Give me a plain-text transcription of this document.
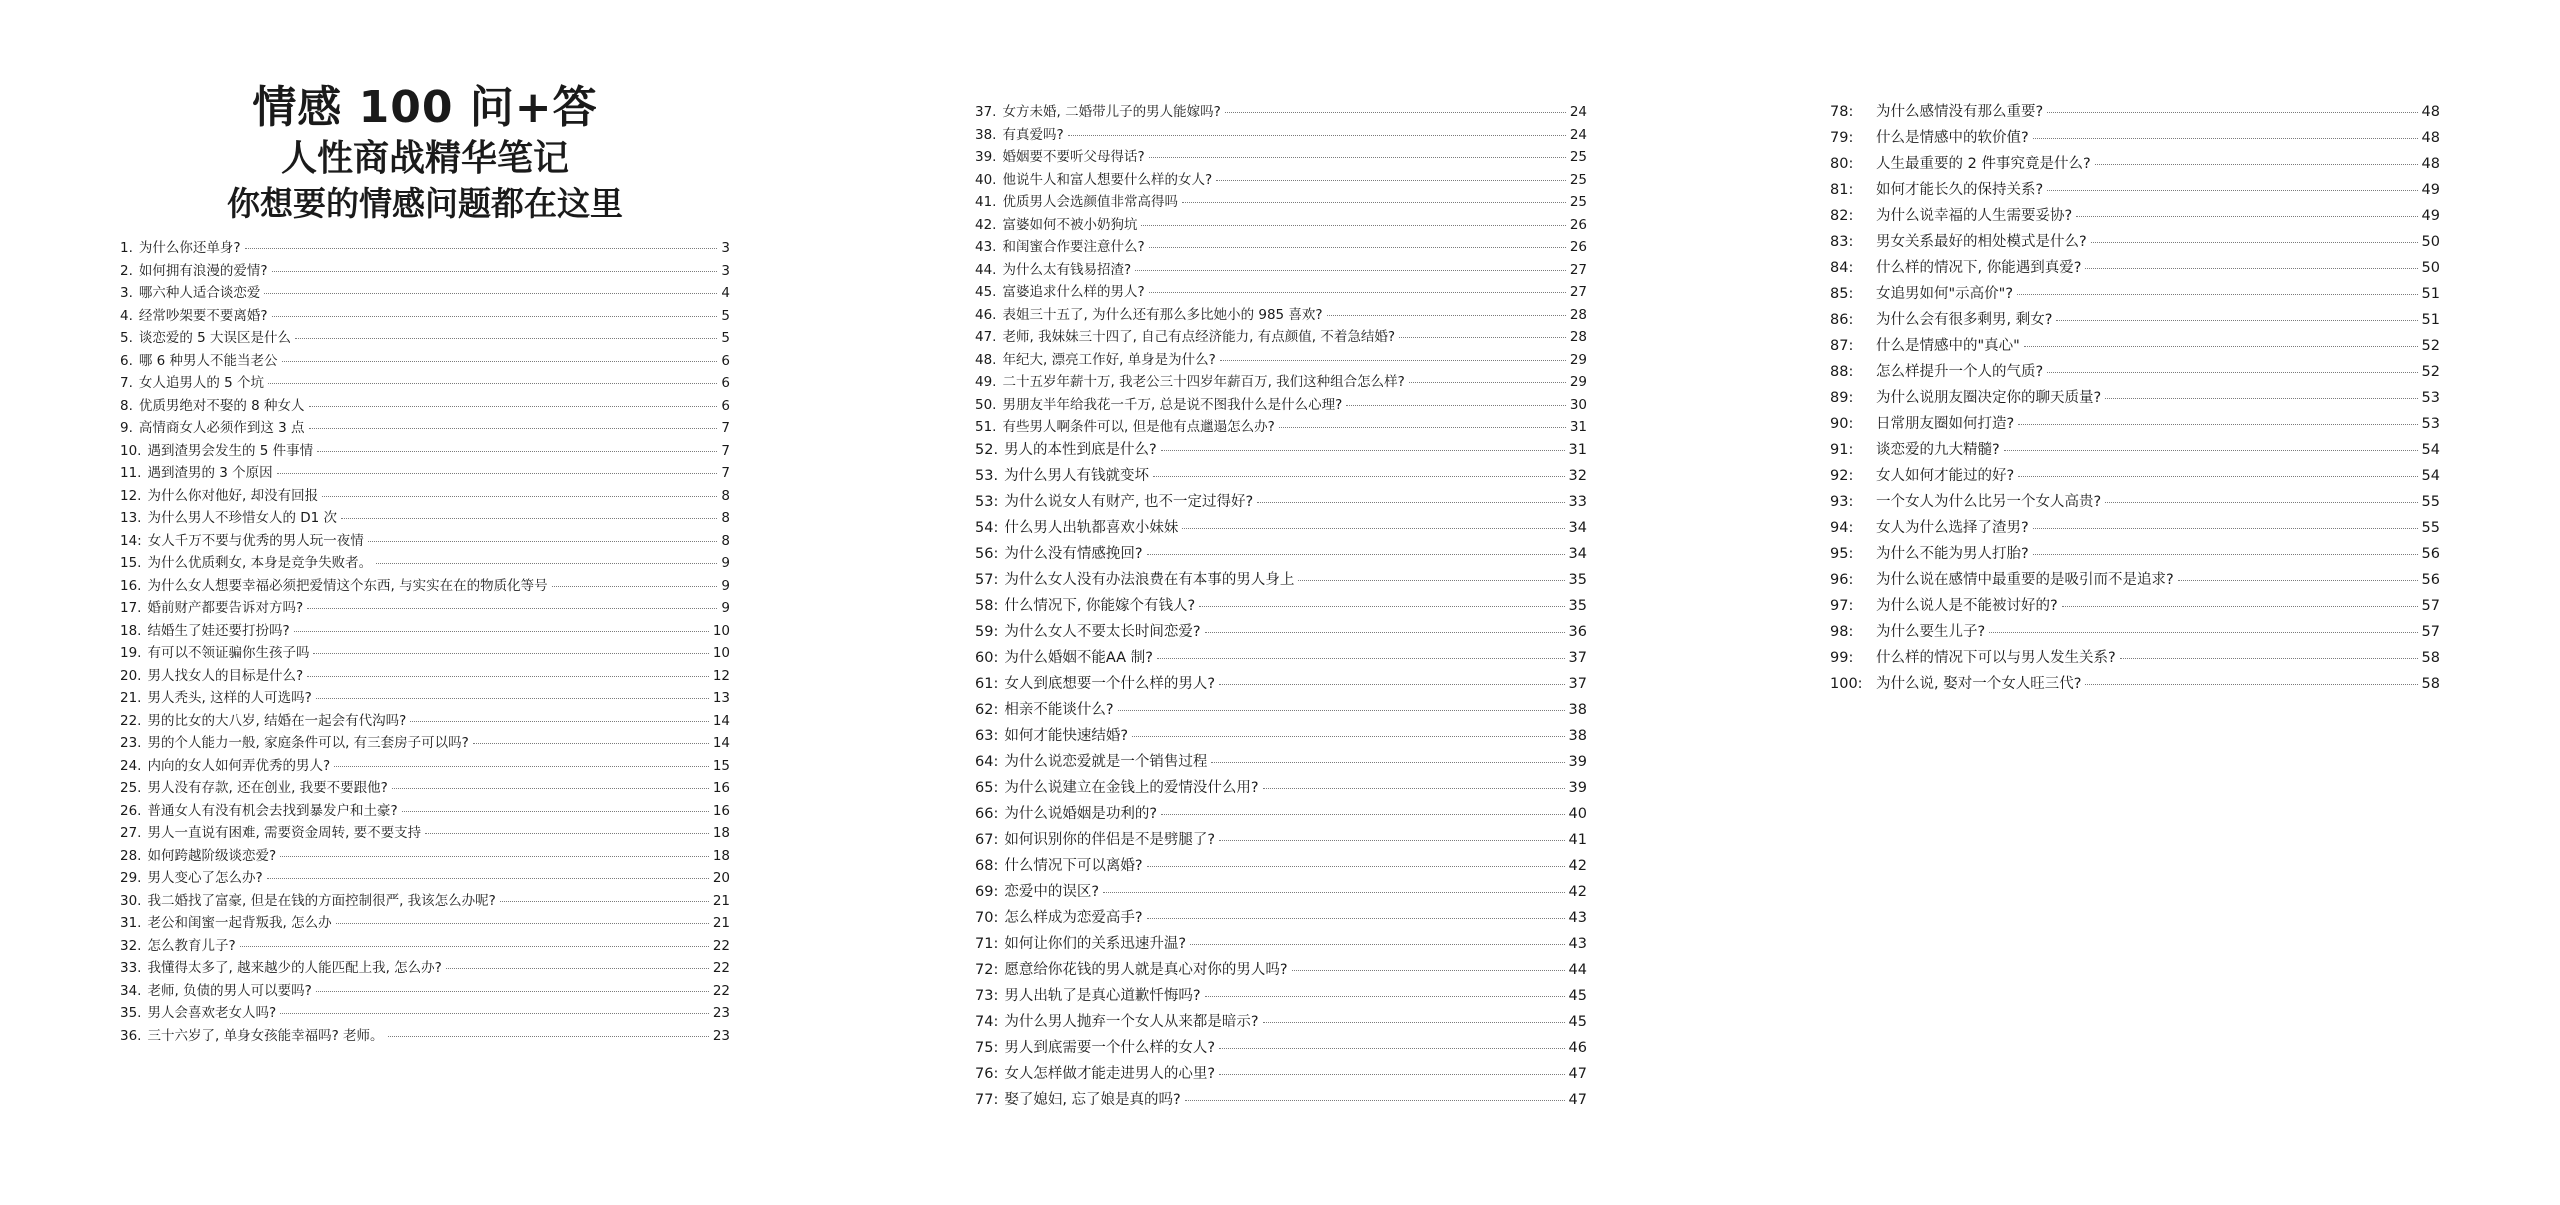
情感 100 问+答
人性商战精华笔记
你想要的情感问题都在这里
1. 为什么你还单身?	3
2. 如何拥有浪漫的爱情?	3
3. 哪六种人适合谈恋爱	4
4. 经常吵架要不要离婚?	5
5. 谈恋爱的 5 大误区是什么	5
6. 哪 6 种男人不能当老公	6
7. 女人追男人的 5 个坑	6
8. 优质男绝对不娶的 8 种女人	6
9. 高情商女人必须作到这 3 点	7
10. 遇到渣男会发生的 5 件事情	7
11. 遇到渣男的 3 个原因	7
12. 为什么你对他好, 却没有回报	8
13. 为什么男人不珍惜女人的 D1 次	8
14: 女人千万不要与优秀的男人玩一夜情	8
15. 为什么优质剩女, 本身是竞争失败者。	9
16. 为什么女人想要幸福必须把爱情这个东西, 与实实在在的物质化等号	9
17. 婚前财产都要告诉对方吗?	9
18. 结婚生了娃还要打扮吗?	10
19. 有可以不领证骗你生孩子吗	10
20. 男人找女人的目标是什么?	12
21. 男人秃头, 这样的人可选吗?	13
22. 男的比女的大八岁, 结婚在一起会有代沟吗?	14
23. 男的个人能力一般, 家庭条件可以, 有三套房子可以吗?	14
24. 内向的女人如何弄优秀的男人?	15
25. 男人没有存款, 还在创业, 我要不要跟他?	16
26. 普通女人有没有机会去找到暴发户和土豪?	16
27. 男人一直说有困难, 需要资金周转, 要不要支持	18
28. 如何跨越阶级谈恋爱?	18
29. 男人变心了怎么办?	20
30. 我二婚找了富豪, 但是在钱的方面控制很严, 我该怎么办呢?	21
31. 老公和闺蜜一起背叛我, 怎么办	21
32. 怎么教育儿子?	22
33. 我懂得太多了, 越来越少的人能匹配上我, 怎么办?	22
34. 老师, 负债的男人可以要吗?	22
35. 男人会喜欢老女人吗?	23
36. 三十六岁了, 单身女孩能幸福吗? 老师。	23
37. 女方未婚, 二婚带儿子的男人能嫁吗?	24
38. 有真爱吗?	24
39. 婚姻要不要听父母得话?	25
40. 他说牛人和富人想要什么样的女人?	25
41. 优质男人会选颜值非常高得吗	25
42. 富婆如何不被小奶狗坑	26
43. 和闺蜜合作要注意什么?	26
44. 为什么太有钱易招渣?	27
45. 富婆追求什么样的男人?	27
46. 表姐三十五了, 为什么还有那么多比她小的 985 喜欢?	28
47. 老师, 我妹妹三十四了, 自己有点经济能力, 有点颜值, 不着急结婚?	28
48. 年纪大, 漂亮工作好, 单身是为什么?	29
49. 二十五岁年薪十万, 我老公三十四岁年薪百万, 我们这种组合怎么样?	29
50. 男朋友半年给我花一千万, 总是说不图我什么是什么心理?	30
51. 有些男人啊条件可以, 但是他有点邋遢怎么办?	31
52. 男人的本性到底是什么?	31
53. 为什么男人有钱就变坏	32
53: 为什么说女人有财产, 也不一定过得好?	33
54: 什么男人出轨都喜欢小妹妹	34
56: 为什么没有情感挽回?	34
57: 为什么女人没有办法浪费在有本事的男人身上	35
58: 什么情况下, 你能嫁个有钱人?	35
59: 为什么女人不要太长时间恋爱?	36
60: 为什么婚姻不能AA 制?	37
61: 女人到底想要一个什么样的男人?	37
62: 相亲不能谈什么?	38
63: 如何才能快速结婚?	38
64: 为什么说恋爱就是一个销售过程	39
65: 为什么说建立在金钱上的爱情没什么用?	39
66: 为什么说婚姻是功利的?	40
67: 如何识别你的伴侣是不是劈腿了?	41
68: 什么情况下可以离婚?	42
69: 恋爱中的误区?	42
70: 怎么样成为恋爱高手?	43
71: 如何让你们的关系迅速升温?	43
72: 愿意给你花钱的男人就是真心对你的男人吗?	44
73: 男人出轨了是真心道歉忏悔吗?	45
74: 为什么男人抛弃一个女人从来都是暗示?	45
75: 男人到底需要一个什么样的女人?	46
76: 女人怎样做才能走进男人的心里?	47
77: 娶了媳妇, 忘了娘是真的吗?	47
78:	为什么感情没有那么重要?	48
79:	什么是情感中的软价值?	48
80:	人生最重要的 2 件事究竟是什么?	48
81:	如何才能长久的保持关系?	49
82:	为什么说幸福的人生需要妥协?	49
83:	男女关系最好的相处模式是什么?	50
84:	什么样的情况下, 你能遇到真爱?	50
85:	女追男如何"示高价"?	51
86:	为什么会有很多剩男, 剩女?	51
87:	什么是情感中的"真心"	52
88:	怎么样提升一个人的气质?	52
89:	为什么说朋友圈决定你的聊天质量?	53
90:	日常朋友圈如何打造?	53
91:	谈恋爱的九大精髓?	54
92:	女人如何才能过的好?	54
93:	一个女人为什么比另一个女人高贵?	55
94:	女人为什么选择了渣男?	55
95:	为什么不能为男人打胎?	56
96:	为什么说在感情中最重要的是吸引而不是追求?	56
97:	为什么说人是不能被讨好的?	57
98:	为什么要生儿子?	57
99:	什么样的情况下可以与男人发生关系?	58
100: 为什么说, 娶对一个女人旺三代?	58
